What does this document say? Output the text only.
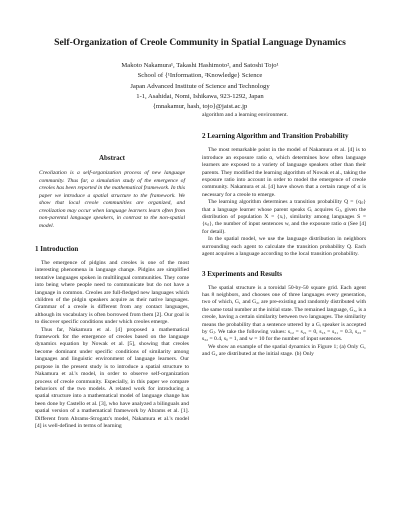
Self-Organization of Creole Community in Spatial Language Dynamics
Makoto Nakamura¹, Takashi Hashimoto², and Satoshi Tojo¹
School of {¹Information, ²Knowledge} Science
Japan Advanced Institute of Science and Technology
1-1, Asahidai, Nomi, Ishikawa, 923-1292, Japan
{mnakamur, hash, tojo}@jaist.ac.jp
Abstract

Creolization is a self-organization process of new language community. Thus far, a simulation study of the emergence of creoles has been reported in the mathematical framework. In this paper we introduce a spatial structure to the framework. We show that local creole communities are organized, and creolization may occur when language learners learn often from non-parental language speakers, in contrast to the non-spatial model.

1 Introduction

The emergence of pidgins and creoles is one of the most interesting phenomena in language change. Pidgins are simplified tentative languages spoken in multilingual communities. They come into being where people need to communicate but do not have a language in common. Creoles are full-fledged new languages which children of the pidgin speakers acquire as their native languages. Grammar of a creole is different from any contact languages, although its vocabulary is often borrowed from them [2]. Our goal is to discover specific conditions under which creoles emerge.

Thus far, Nakamura et al. [4] proposed a mathematical framework for the emergence of creoles based on the language dynamics equation by Nowak et al. [5], showing that creoles become dominant under specific conditions of similarity among languages and linguistic environment of language learners. Our purpose in the present study is to introduce a spatial structure to Nakamura et al.'s model, in order to observe self-organization process of creole community. Especially, in this paper we compare behaviors of the two models. A related work for introducing a spatial structure into a mathematical model of language change has been done by Castello et al. [3], who have analyzed a bilinguals and spatial version of a mathematical framework by Abrams et al. [1]. Different from Abrams-Strogatz's model, Nakamura et al.'s model [4] is well-defined in terms of learning

algorithm and a learning environment.

2 Learning Algorithm and Transition Probability

The most remarkable point in the model of Nakamura et al. [4] is to introduce an exposure ratio α, which determines how often language learners are exposed to a variety of language speakers other than their parents. They modified the learning algorithm of Nowak et al., taking the exposure ratio into account in order to model the emergence of creole community. Nakamura et al. [4] have shown that a certain range of α is necessary for a creole to emerge.

The learning algorithm determines a transition probability Q = {qᵢⱼ} that a language learner whose parent speaks Gᵢ acquires Gⱼ, given the distribution of population X = {xᵢ}, similarity among languages S = {sᵢⱼ}, the number of input sentences w, and the exposure ratio α (See [4] for detail).

In the spatial model, we use the language distribution in neighbors surrounding each agent to calculate the transition probability Q. Each agent acquires a language according to the local transition probability.

3 Experiments and Results

The spatial structure is a toroidal 50-by-50 square grid. Each agent has 8 neighbors, and chooses one of three languages every generation, two of which, G₁ and G₂, are pre-existing and randomly distributed with the same total number at the initial state. The remained language, G₃, is a creole, having a certain similarity between two languages. The similarity means the probability that a sentence uttered by a Gᵢ speaker is accepted by Gⱼ. We take the following values: s₁₂ = s₂₁ = 0, s₁₃ = s₃₁ = 0.3, s₂₃ = s₃₂ = 0.4, sᵢᵢ = 1, and w = 10 for the number of input sentences.

We show an example of the spatial dynamics in Figure 1; (a) Only G₁ and G₂ are distributed at the initial stage. (b) Only
